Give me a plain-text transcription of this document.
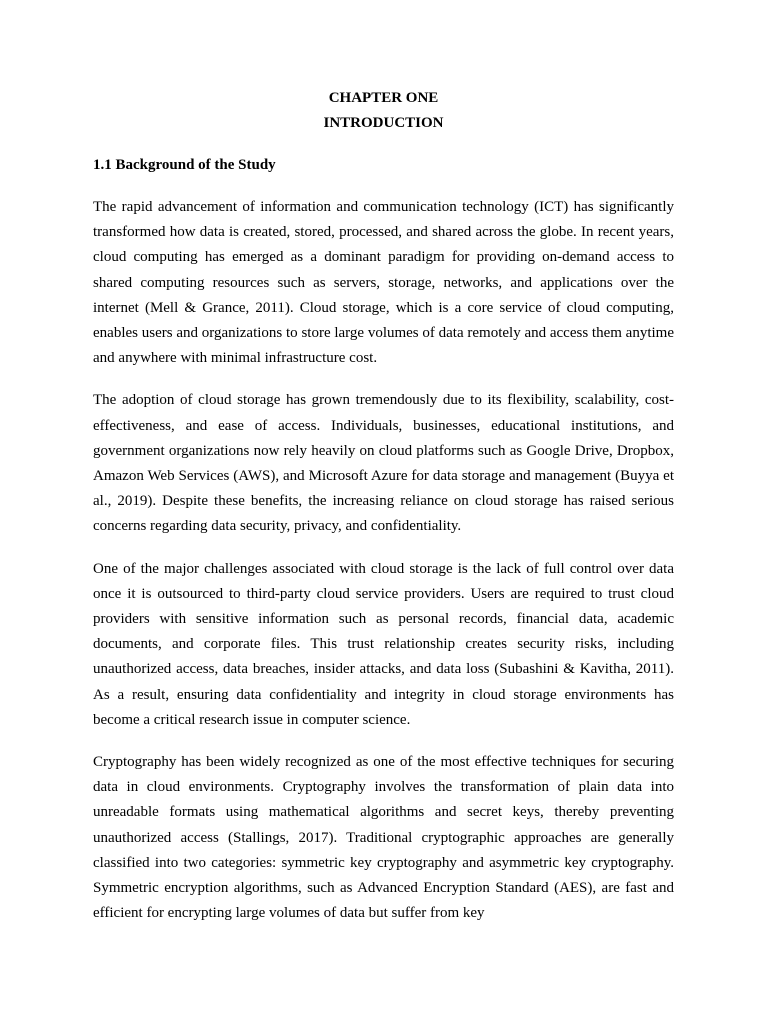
CHAPTER ONE
INTRODUCTION
1.1 Background of the Study

The rapid advancement of information and communication technology (ICT) has significantly transformed how data is created, stored, processed, and shared across the globe. In recent years, cloud computing has emerged as a dominant paradigm for providing on-demand access to shared computing resources such as servers, storage, networks, and applications over the internet (Mell & Grance, 2011). Cloud storage, which is a core service of cloud computing, enables users and organizations to store large volumes of data remotely and access them anytime and anywhere with minimal infrastructure cost.

The adoption of cloud storage has grown tremendously due to its flexibility, scalability, cost-effectiveness, and ease of access. Individuals, businesses, educational institutions, and government organizations now rely heavily on cloud platforms such as Google Drive, Dropbox, Amazon Web Services (AWS), and Microsoft Azure for data storage and management (Buyya et al., 2019). Despite these benefits, the increasing reliance on cloud storage has raised serious concerns regarding data security, privacy, and confidentiality.

One of the major challenges associated with cloud storage is the lack of full control over data once it is outsourced to third-party cloud service providers. Users are required to trust cloud providers with sensitive information such as personal records, financial data, academic documents, and corporate files. This trust relationship creates security risks, including unauthorized access, data breaches, insider attacks, and data loss (Subashini & Kavitha, 2011). As a result, ensuring data confidentiality and integrity in cloud storage environments has become a critical research issue in computer science.

Cryptography has been widely recognized as one of the most effective techniques for securing data in cloud environments. Cryptography involves the transformation of plain data into unreadable formats using mathematical algorithms and secret keys, thereby preventing unauthorized access (Stallings, 2017). Traditional cryptographic approaches are generally classified into two categories: symmetric key cryptography and asymmetric key cryptography. Symmetric encryption algorithms, such as Advanced Encryption Standard (AES), are fast and efficient for encrypting large volumes of data but suffer from key
